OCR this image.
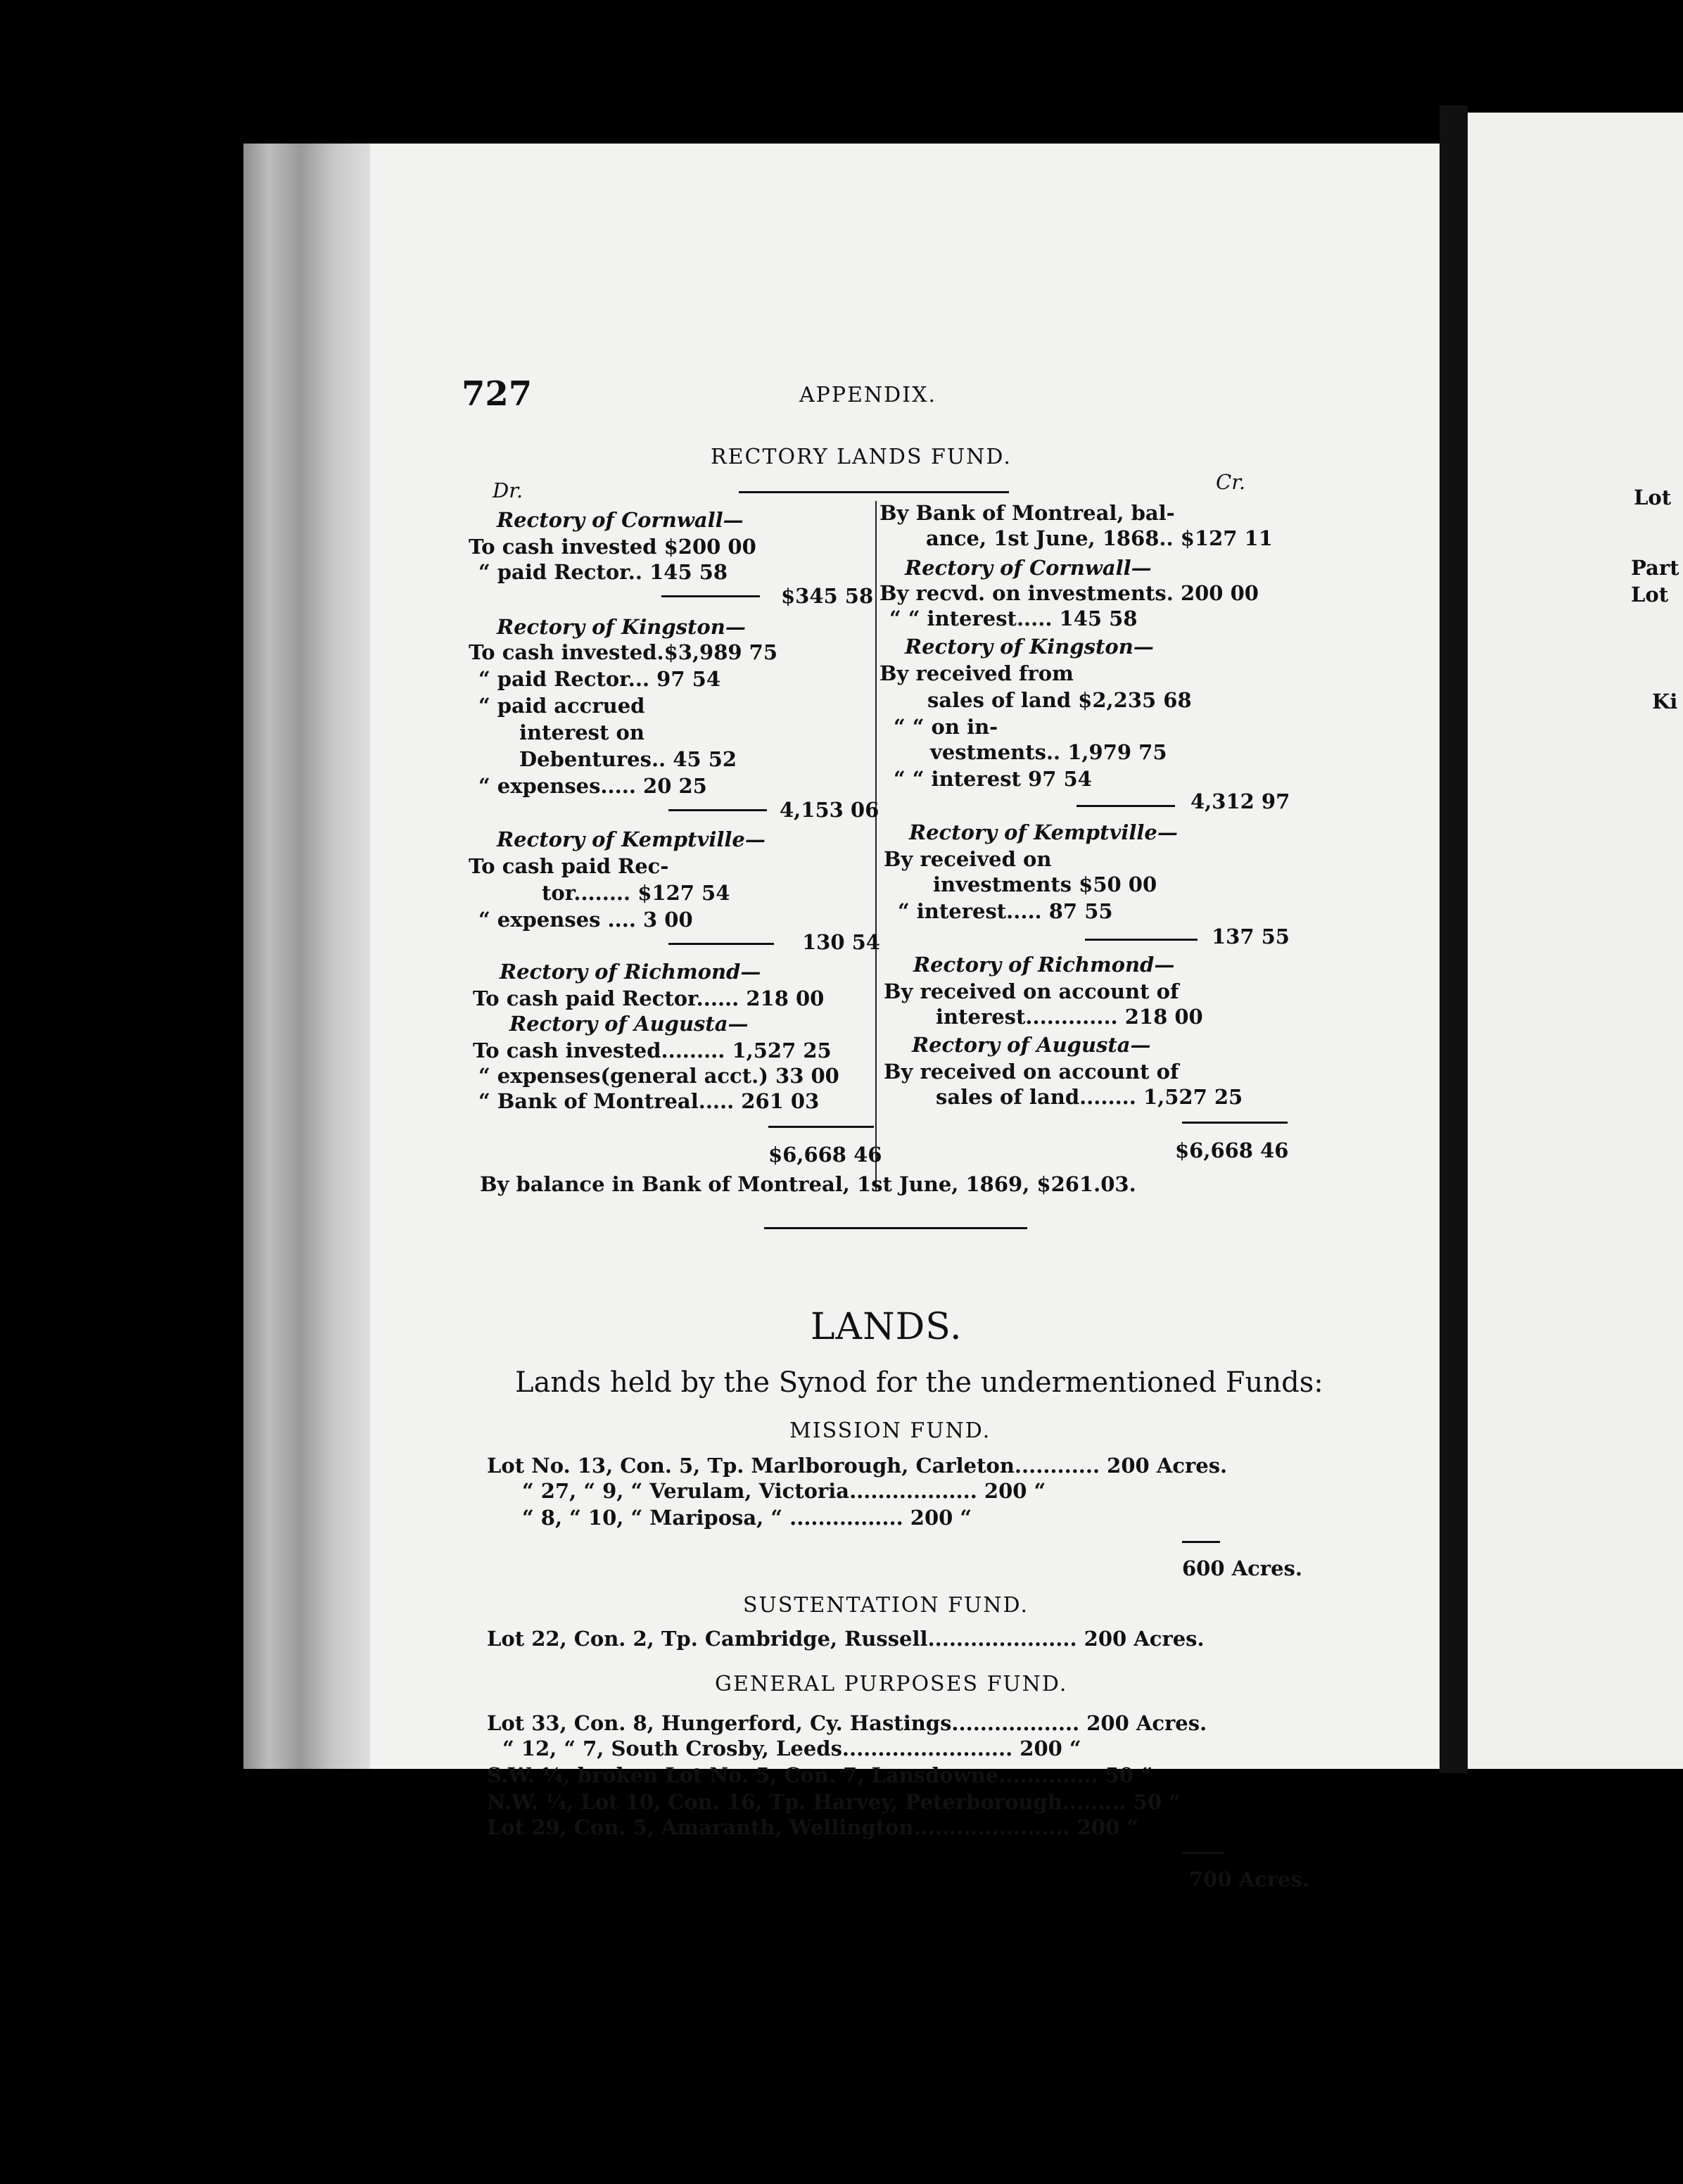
Lot
Part
Lot
Ki
727	APPENDIX.
RECTORY LANDS FUND.
Dr.	Cr.
Rectory of Cornwall—
To cash invested $200 00
“ paid Rector.. 145 58
$345 58
Rectory of Kingston—
To cash invested.$3,989 75
“ paid Rector... 97 54
“ paid accrued
interest on
Debentures.. 45 52
“ expenses..... 20 25
4,153 06
Rectory of Kemptville—
To cash paid Rec-
tor........ $127 54
“ expenses .... 3 00
130 54
Rectory of Richmond—
To cash paid Rector...... 218 00
Rectory of Augusta—
To cash invested......... 1,527 25
“ expenses(general acct.) 33 00
“ Bank of Montreal..... 261 03
$6,668 46
By Bank of Montreal, bal-
ance, 1st June, 1868.. $127 11
Rectory of Cornwall—
By recvd. on investments. 200 00
“ “ interest..... 145 58
Rectory of Kingston—
By received from
sales of land $2,235 68
“ “ on in-
vestments.. 1,979 75
“ “ interest 97 54
4,312 97
Rectory of Kemptville—
By received on
investments $50 00
“ interest..... 87 55
137 55
Rectory of Richmond—
By received on account of
interest............. 218 00
Rectory of Augusta—
By received on account of
sales of land........ 1,527 25
$6,668 46
By balance in Bank of Montreal, 1st June, 1869, $261.03.
LANDS.
Lands held by the Synod for the undermentioned Funds:
MISSION FUND.
Lot No. 13, Con. 5, Tp. Marlborough, Carleton............ 200 Acres.
“ 27, “ 9, “ Verulam, Victoria.................. 200 “
“ 8, “ 10, “ Mariposa, “ ................ 200 “
600 Acres.
SUSTENTATION FUND.
Lot 22, Con. 2, Tp. Cambridge, Russell..................... 200 Acres.
GENERAL PURPOSES FUND.
Lot 33, Con. 8, Hungerford, Cy. Hastings.................. 200 Acres.
“ 12, “ 7, South Crosby, Leeds........................ 200 “
S.W. ¼, broken Lot No. 5, Con. 7, Lansdowne.............. 50 “
N.W. ¼, Lot 10, Con. 16, Tp. Harvey, Peterborough......... 50 “
Lot 29, Con. 5, Amaranth, Wellington...................... 200 “
700 Acres.
